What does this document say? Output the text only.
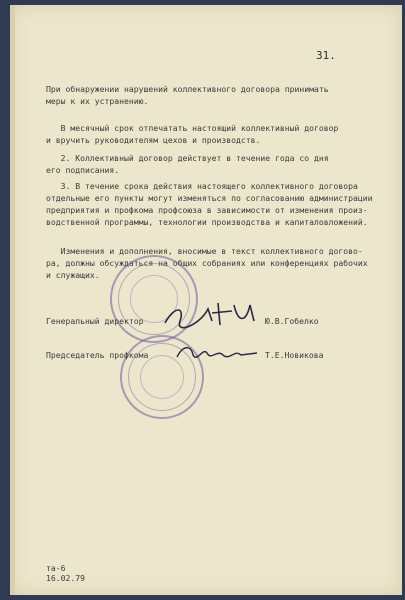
31.
При обнаружении нарушений коллективного договора принимать
меры к их устранению.
В месячный срок отпечатать настоящий коллективный договор
и вручить руководителям цехов и производств.
2. Коллективный договор действует в течение года со дня
его подписания.
3. В течение срока действия настоящего коллективного договора
отдельные его пункты могут изменяться по согласованию администрации
предприятия и профкома профсоюза в зависимости от изменения произ-
водственной программы, технологии производства и капиталовложений.
Изменения и дополнения, вносимые в текст коллективного догово-
ра, должны обсуждаться на общих собраниях или конференциях рабочих
и служащих.
Генеральный директор	Ю.В.Гобелко
Председатель профкома	Т.Е.Новикова
та-6
16.02.79
